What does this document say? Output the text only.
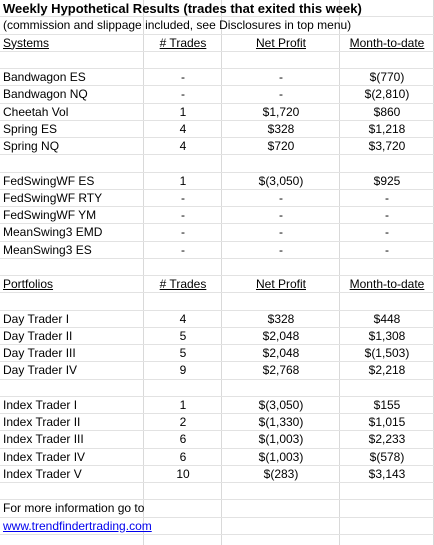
Weekly Hypothetical Results (trades that exited this week)
(commission and slippage included, see Disclosures in top menu)
Systems	# Trades	Net Profit	Month-to-date
Bandwagon ES	-	-	$(770)
Bandwagon NQ	-	-	$(2,810)
Cheetah Vol	1	$1,720	$860
Spring ES	4	$328	$1,218
Spring NQ	4	$720	$3,720
FedSwingWF ES	1	$(3,050)	$925
FedSwingWF RTY	-	-	-
FedSwingWF YM	-	-	-
MeanSwing3 EMD	-	-	-
MeanSwing3 ES	-	-	-
Portfolios	# Trades	Net Profit	Month-to-date
Day Trader I	4	$328	$448
Day Trader II	5	$2,048	$1,308
Day Trader III	5	$2,048	$(1,503)
Day Trader IV	9	$2,768	$2,218
Index Trader I	1	$(3,050)	$155
Index Trader II	2	$(1,330)	$1,015
Index Trader III	6	$(1,003)	$2,233
Index Trader IV	6	$(1,003)	$(578)
Index Trader V	10	$(283)	$3,143
For more information go to
www.trendfindertrading.com
